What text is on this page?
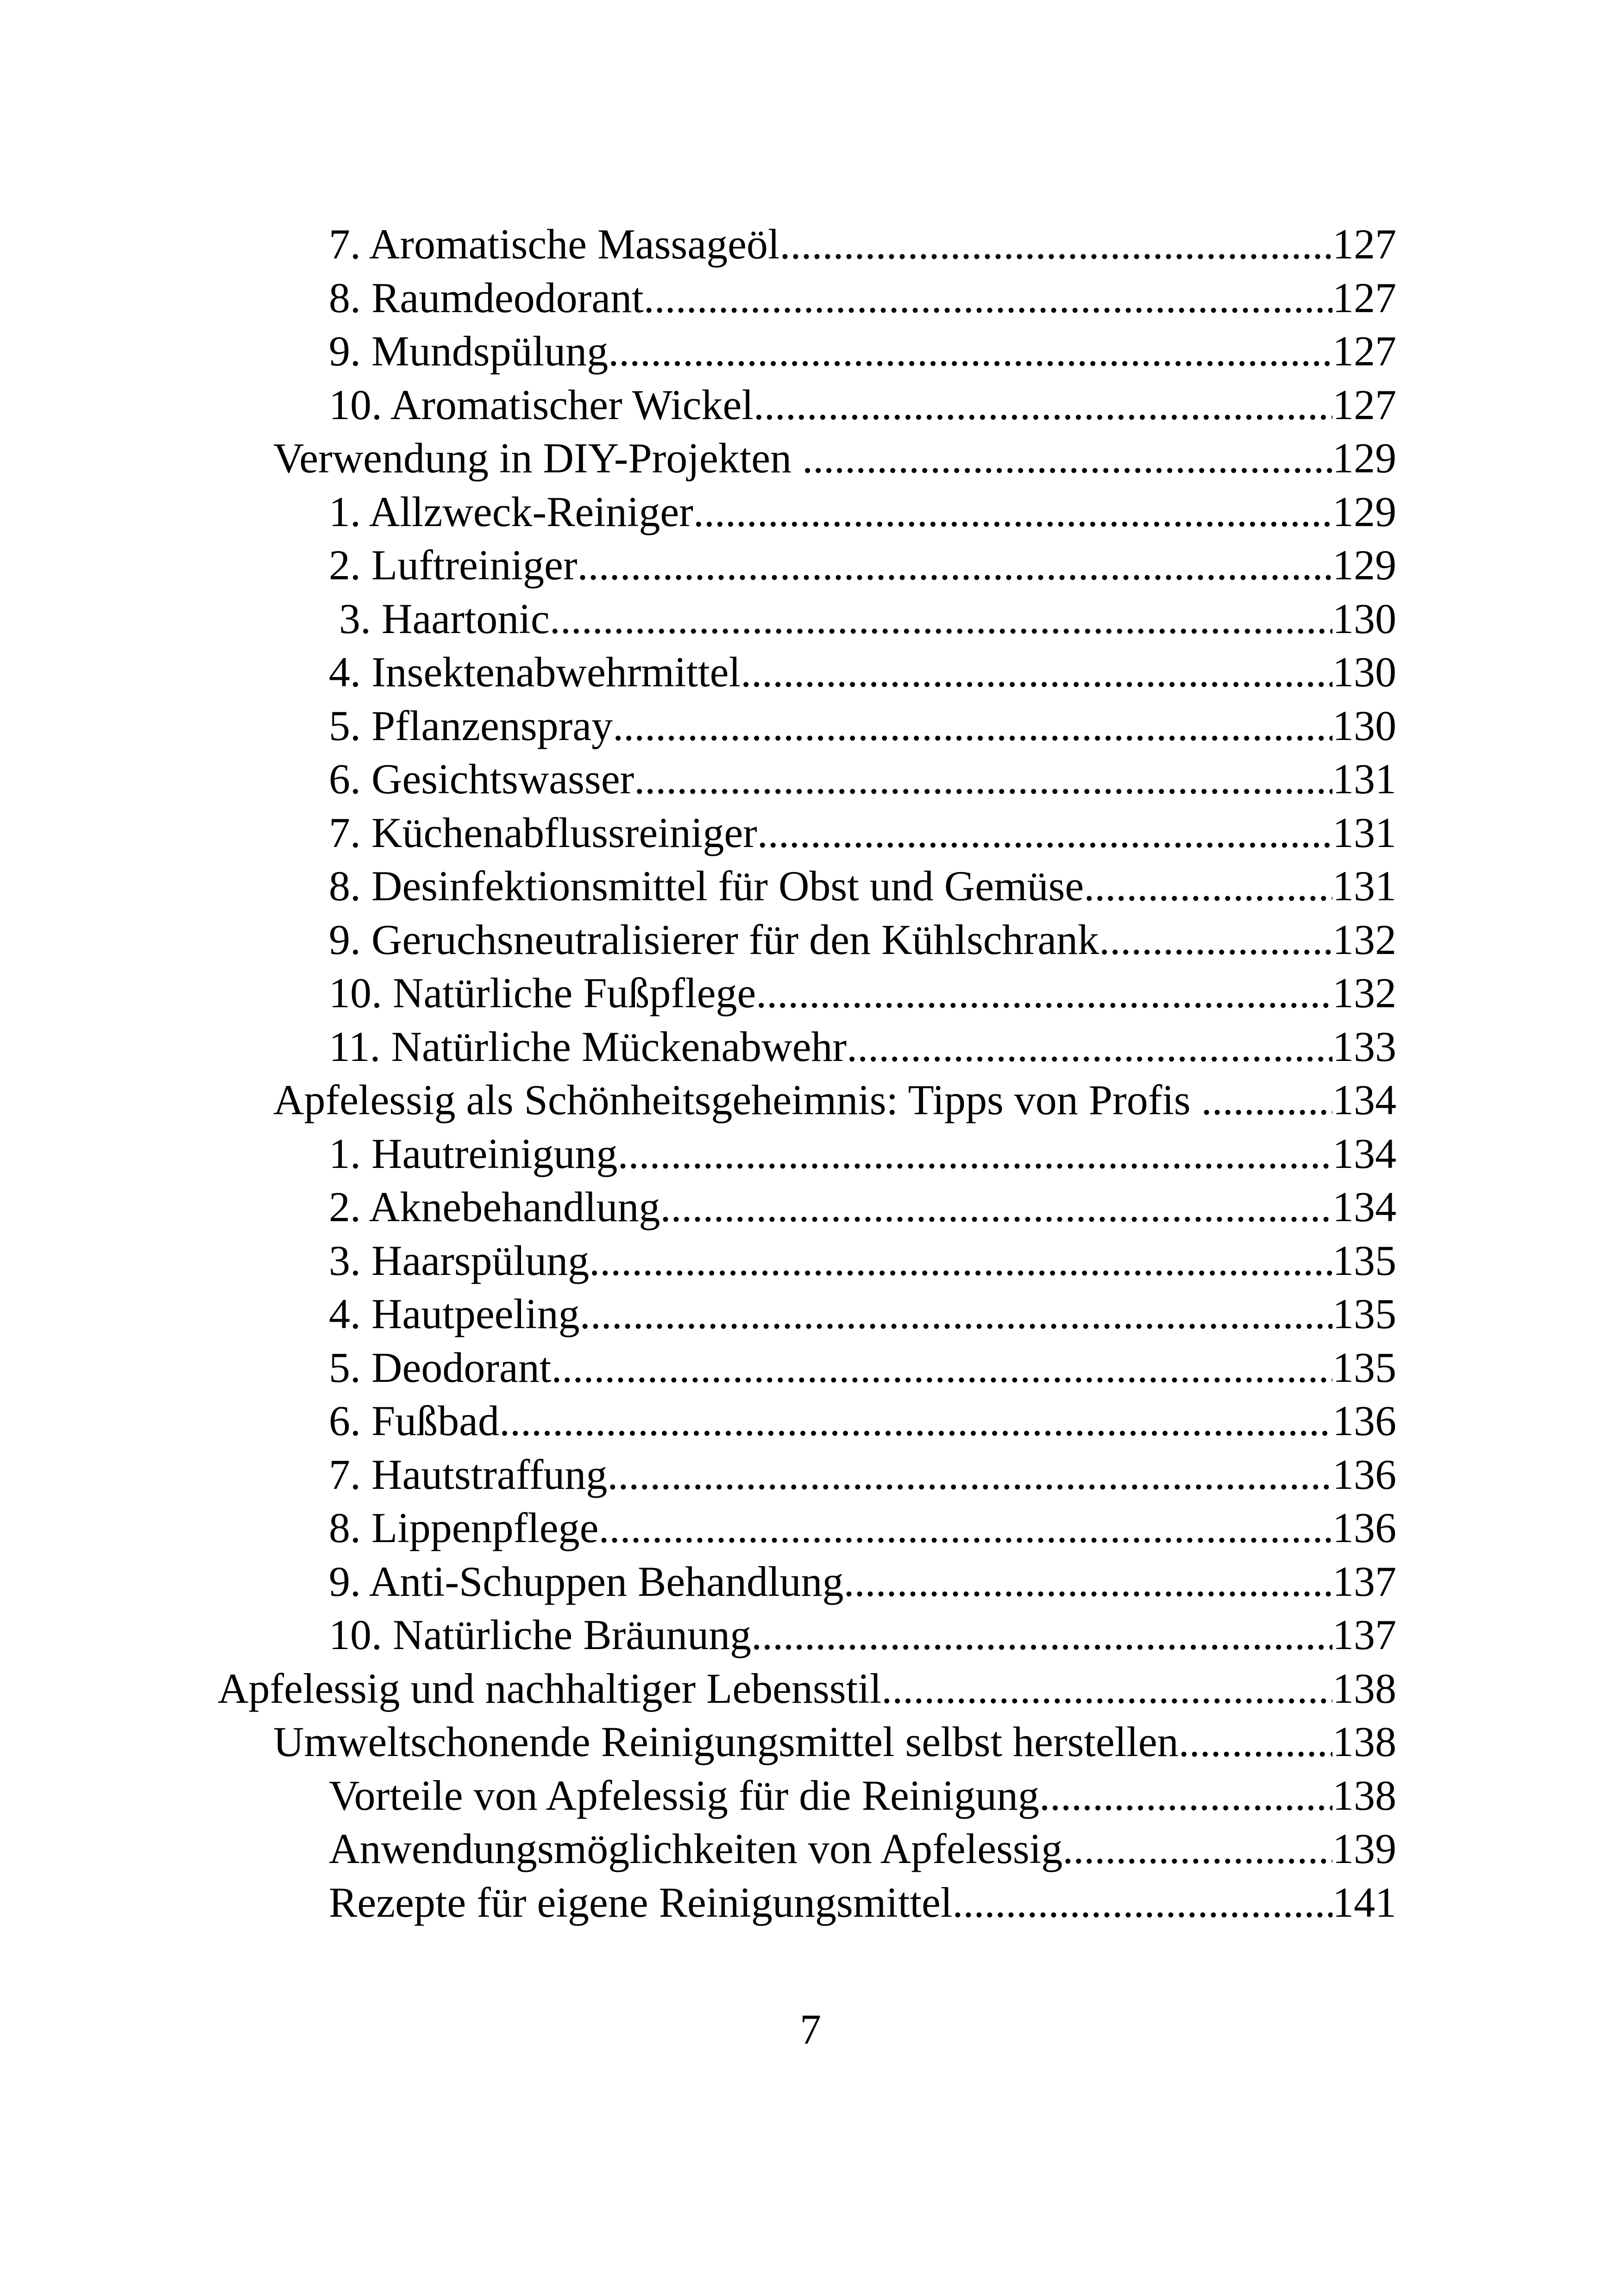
7. Aromatische Massageöl .....	127
8. Raumdeodorant .....	127
9. Mundspülung .....	127
10. Aromatischer Wickel .....	127
Verwendung in DIY-Projekten .....	129
1. Allzweck-Reiniger .....	129
2. Luftreiniger .....	129
3. Haartonic .....	130
4. Insektenabwehrmittel .....	130
5. Pflanzenspray .....	130
6. Gesichtswasser .....	131
7. Küchenabflussreiniger .....	131
8. Desinfektionsmittel für Obst und Gemüse .....	131
9. Geruchsneutralisierer für den Kühlschrank .....	132
10. Natürliche Fußpflege .....	132
11. Natürliche Mückenabwehr .....	133
Apfelessig als Schönheitsgeheimnis: Tipps von Profis .....	134
1. Hautreinigung .....	134
2. Aknebehandlung .....	134
3. Haarspülung .....	135
4. Hautpeeling .....	135
5. Deodorant .....	135
6. Fußbad .....	136
7. Hautstraffung .....	136
8. Lippenpflege .....	136
9. Anti-Schuppen Behandlung .....	137
10. Natürliche Bräunung .....	137
Apfelessig und nachhaltiger Lebensstil .....	138
Umweltschonende Reinigungsmittel selbst herstellen .....	138
Vorteile von Apfelessig für die Reinigung .....	138
Anwendungsmöglichkeiten von Apfelessig .....	139
Rezepte für eigene Reinigungsmittel .....	141
7
